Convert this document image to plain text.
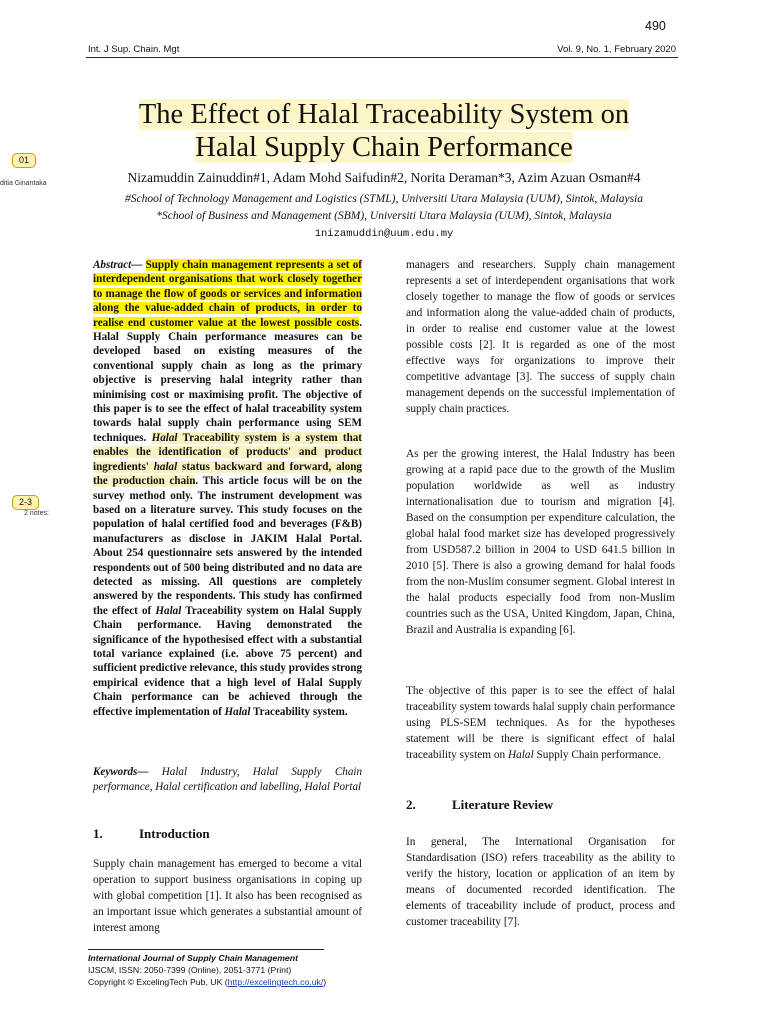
490
Int. J Sup. Chain. Mgt	Vol. 9, No. 1, February 2020
The Effect of Halal Traceability System on
Halal Supply Chain Performance
01
ditia Ginantaka
2-3
2 notes:
Nizamuddin Zainuddin#1, Adam Mohd Saifudin#2, Norita Deraman*3, Azim Azuan Osman#4
#School of Technology Management and Logistics (STML), Universiti Utara Malaysia (UUM), Sintok, Malaysia
*School of Business and Management (SBM), Universiti Utara Malaysia (UUM), Sintok, Malaysia
1nizamuddin@uum.edu.my
Abstract— Supply chain management represents a set of interdependent organisations that work closely together to manage the flow of goods or services and information along the value-added chain of products, in order to realise end customer value at the lowest possible costs. Halal Supply Chain performance measures can be developed based on existing measures of the conventional supply chain as long as the primary objective is preserving halal integrity rather than minimising cost or maximising profit. The objective of this paper is to see the effect of halal traceability system towards halal supply chain performance using SEM techniques. Halal Traceability system is a system that enables the identification of products' and product ingredients' halal status backward and forward, along the production chain. This article focus will be on the survey method only. The instrument development was based on a literature survey. This study focuses on the population of halal certified food and beverages (F&B) manufacturers as disclose in JAKIM Halal Portal. About 254 questionnaire sets answered by the intended respondents out of 500 being distributed and no data are detected as missing. All questions are completely answered by the respondents. This study has confirmed the effect of Halal Traceability system on Halal Supply Chain performance. Having demonstrated the significance of the hypothesised effect with a substantial total variance explained (i.e. above 75 percent) and sufficient predictive relevance, this study provides strong empirical evidence that a high level of Halal Supply Chain performance can be achieved through the effective implementation of Halal Traceability system.
Keywords— Halal Industry, Halal Supply Chain performance, Halal certification and labelling, Halal Portal
1.	Introduction
Supply chain management has emerged to become a vital operation to support business organisations in coping up with global competition [1]. It also has been recognised as an important issue which generates a substantial amount of interest among
managers and researchers. Supply chain management represents a set of interdependent organisations that work closely together to manage the flow of goods or services and information along the value-added chain of products, in order to realise end customer value at the lowest possible costs [2]. It is regarded as one of the most effective ways for organizations to improve their competitive advantage [3]. The success of supply chain management depends on the successful implementation of supply chain practices.
As per the growing interest, the Halal Industry has been growing at a rapid pace due to the growth of the Muslim population worldwide as well as industry internationalisation due to tourism and migration [4]. Based on the consumption per expenditure calculation, the global halal food market size has developed progressively from USD587.2 billion in 2004 to USD 641.5 billion in 2010 [5]. There is also a growing demand for halal foods from the non-Muslim consumer segment. Global interest in the halal products especially food from non-Muslim countries such as the USA, United Kingdom, Japan, China, Brazil and Australia is expanding [6].
The objective of this paper is to see the effect of halal traceability system towards halal supply chain performance using PLS-SEM techniques. As for the hypotheses statement will be there is significant effect of halal traceability system on Halal Supply Chain performance.
2.	Literature Review
In general, The International Organisation for Standardisation (ISO) refers traceability as the ability to verify the history, location or application of an item by means of documented recorded identification. The elements of traceability include of product, process and customer traceability [7].
International Journal of Supply Chain Management
IJSCM, ISSN: 2050-7399 (Online), 2051-3771 (Print)
Copyright © ExcelingTech Pub, UK (http://excelingtech.co.uk/)
